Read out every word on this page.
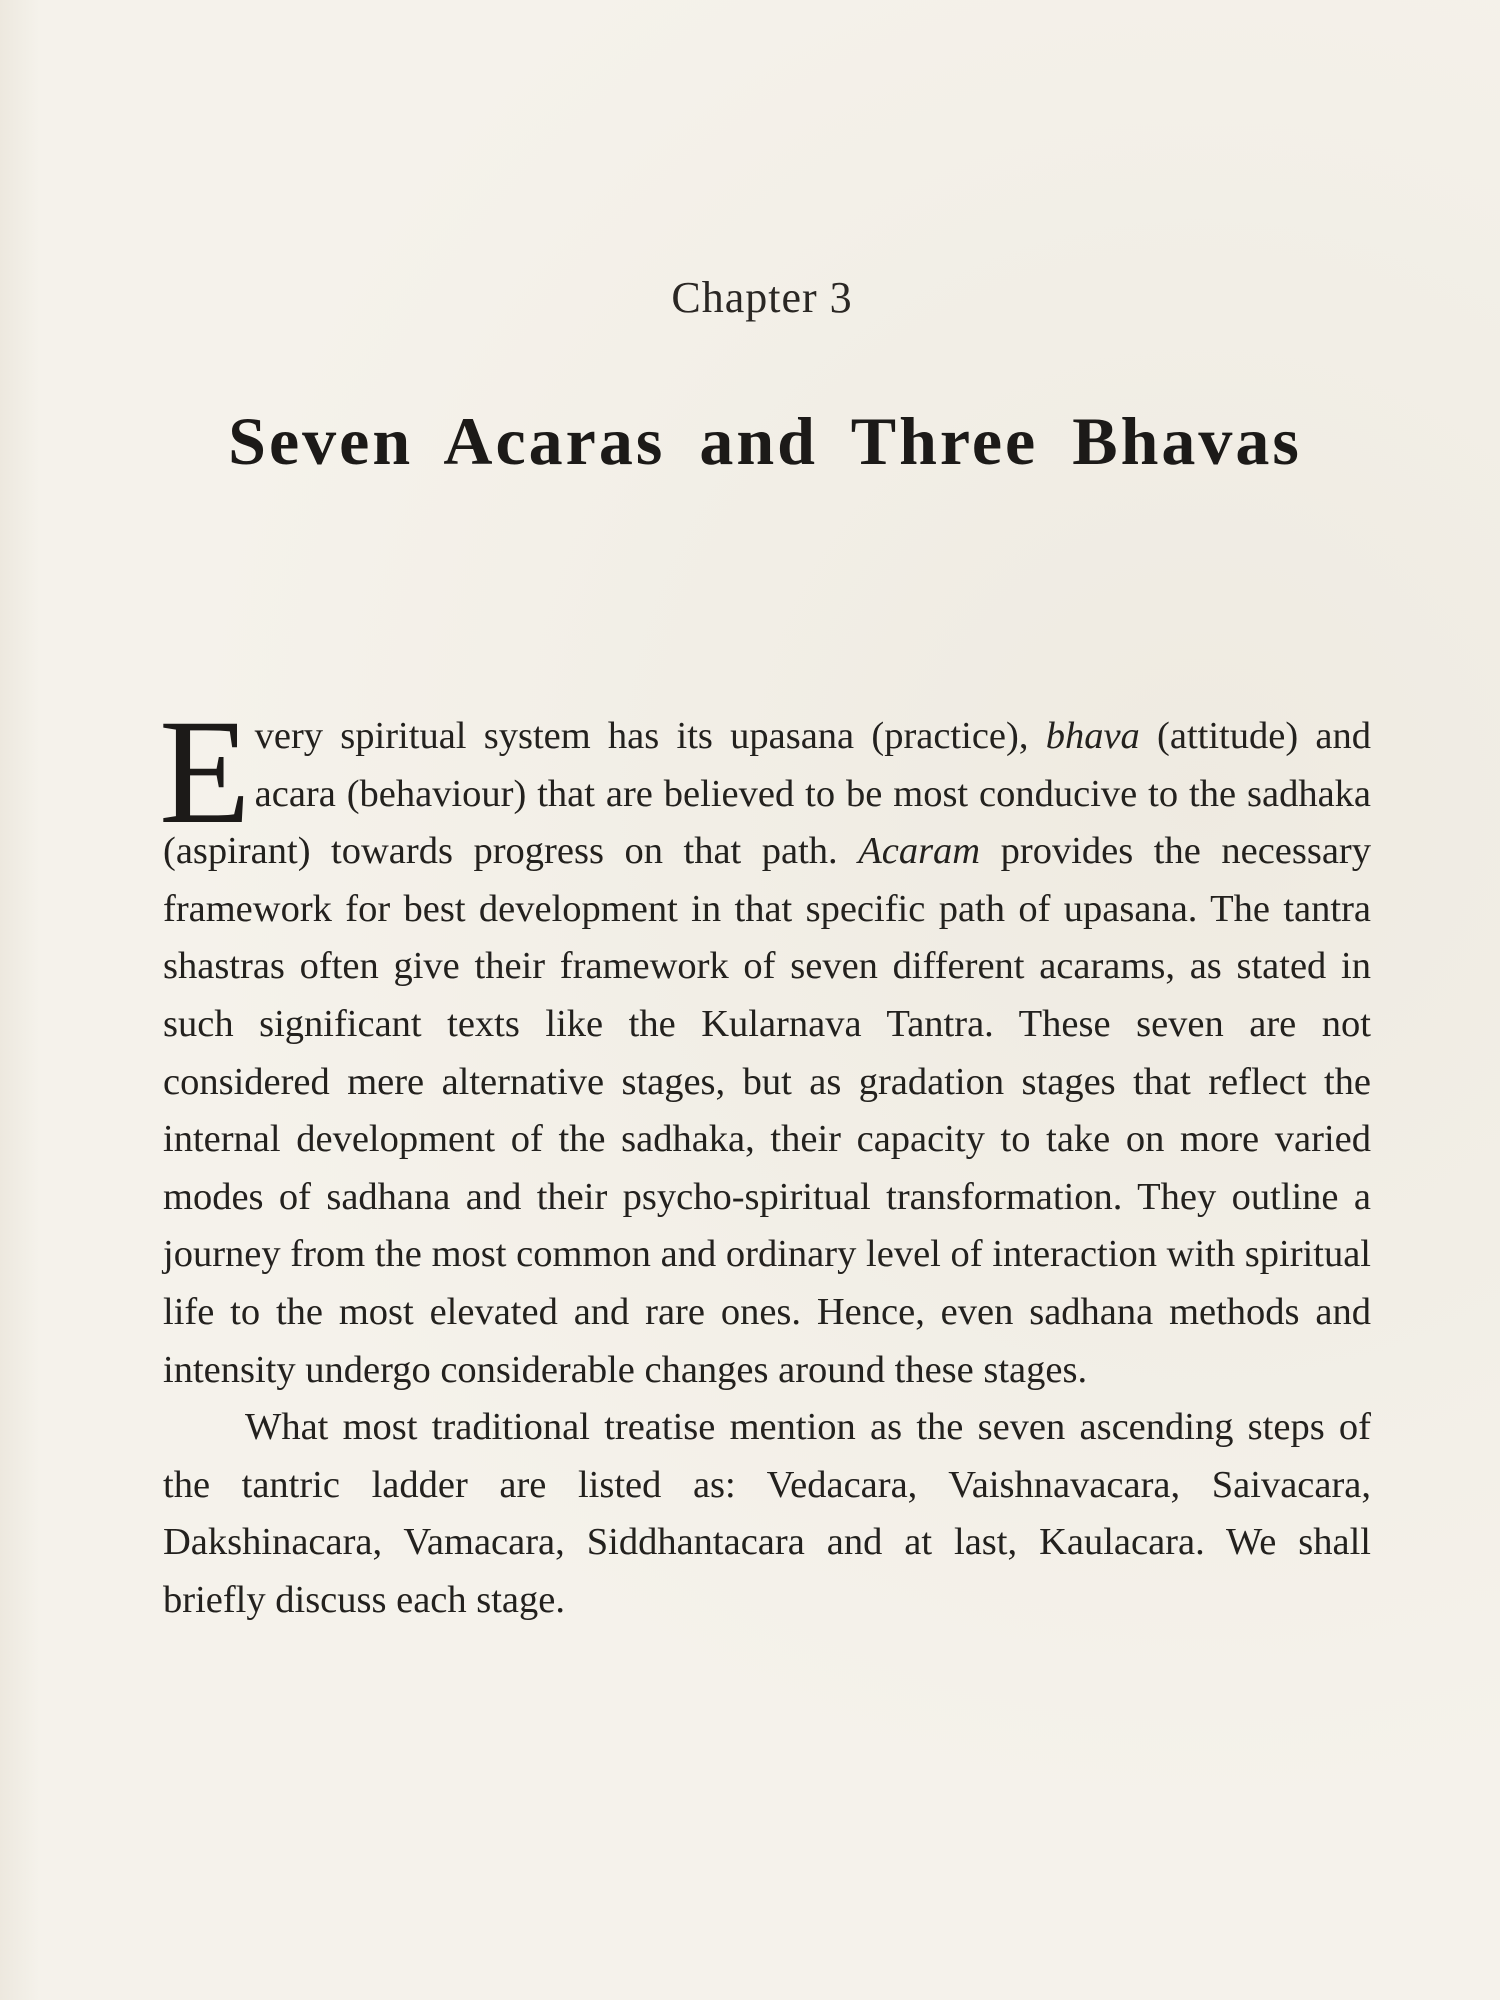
Chapter 3
Seven Acaras and Three Bhavas

Every spiritual system has its upasana (practice), bhava (attitude) and acara (behaviour) that are believed to be most conducive to the sadhaka (aspirant) towards progress on that path. Acaram provides the necessary framework for best development in that specific path of upasana. The tantra shastras often give their framework of seven different acarams, as stated in such significant texts like the Kularnava Tantra. These seven are not considered mere alternative stages, but as gradation stages that reflect the internal development of the sadhaka, their capacity to take on more varied modes of sadhana and their psycho-spiritual transformation. They outline a journey from the most common and ordinary level of interaction with spiritual life to the most elevated and rare ones. Hence, even sadhana methods and intensity undergo considerable changes around these stages.

What most traditional treatise mention as the seven ascending steps of the tantric ladder are listed as: Vedacara, Vaishnavacara, Saivacara, Dakshinacara, Vamacara, Siddhantacara and at last, Kaulacara. We shall briefly discuss each stage.
